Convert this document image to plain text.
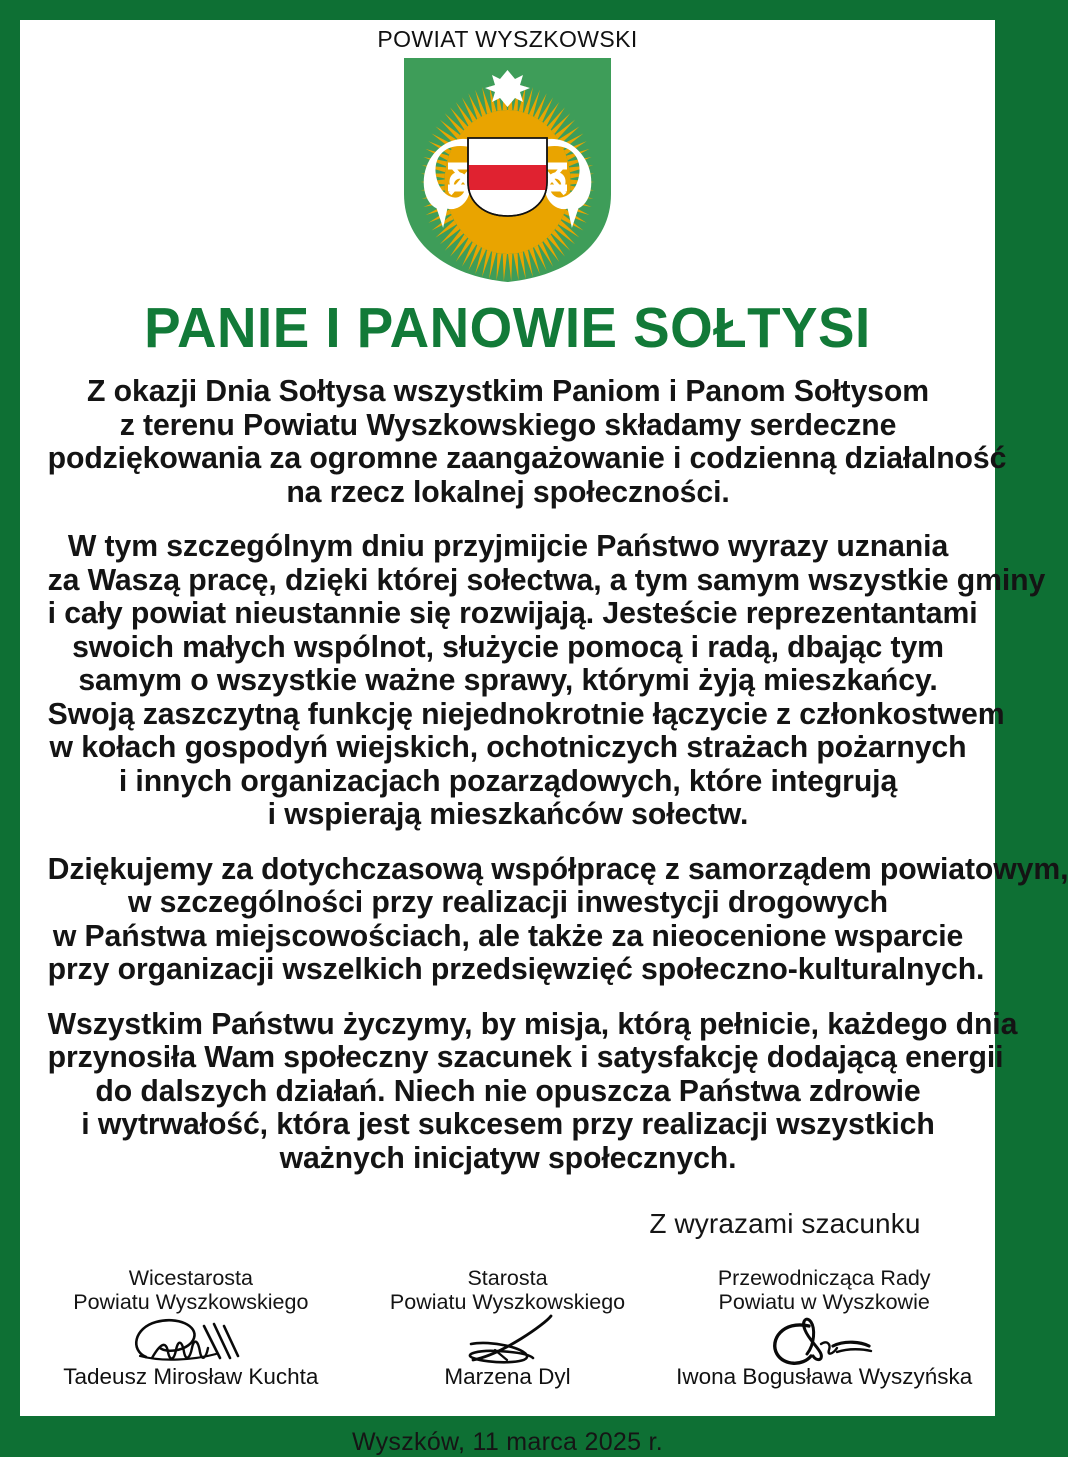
POWIAT WYSZKOWSKI
PANIE I PANOWIE SOŁTYSI

Z okazji Dnia Sołtysa wszystkim Paniom i Panom Sołtysom
z terenu Powiatu Wyszkowskiego składamy serdeczne
podziękowania za ogromne zaangażowanie i codzienną działalność
na rzecz lokalnej społeczności.

W tym szczególnym dniu przyjmijcie Państwo wyrazy uznania
za Waszą pracę, dzięki której sołectwa, a tym samym wszystkie gminy
i cały powiat nieustannie się rozwijają. Jesteście reprezentantami
swoich małych wspólnot, służycie pomocą i radą, dbając tym
samym o wszystkie ważne sprawy, którymi żyją mieszkańcy.
Swoją zaszczytną funkcję niejednokrotnie łączycie z członkostwem
w kołach gospodyń wiejskich, ochotniczych strażach pożarnych
i innych organizacjach pozarządowych, które integrują
i wspierają mieszkańców sołectw.

Dziękujemy za dotychczasową współpracę z samorządem powiatowym,
w szczególności przy realizacji inwestycji drogowych
w Państwa miejscowościach, ale także za nieocenione wsparcie
przy organizacji wszelkich przedsięwzięć społeczno-kulturalnych.

Wszystkim Państwu życzymy, by misja, którą pełnicie, każdego dnia
przynosiła Wam społeczny szacunek i satysfakcję dodającą energii
do dalszych działań. Niech nie opuszcza Państwa zdrowie
i wytrwałość, która jest sukcesem przy realizacji wszystkich
ważnych inicjatyw społecznych.

Z wyrazami szacunku
Wicestarosta
Powiatu Wyszkowskiego
Tadeusz Mirosław Kuchta
Starosta
Powiatu Wyszkowskiego
Marzena Dyl
Przewodnicząca Rady
Powiatu w Wyszkowie
Iwona Bogusława Wyszyńska
Wyszków, 11 marca 2025 r.
